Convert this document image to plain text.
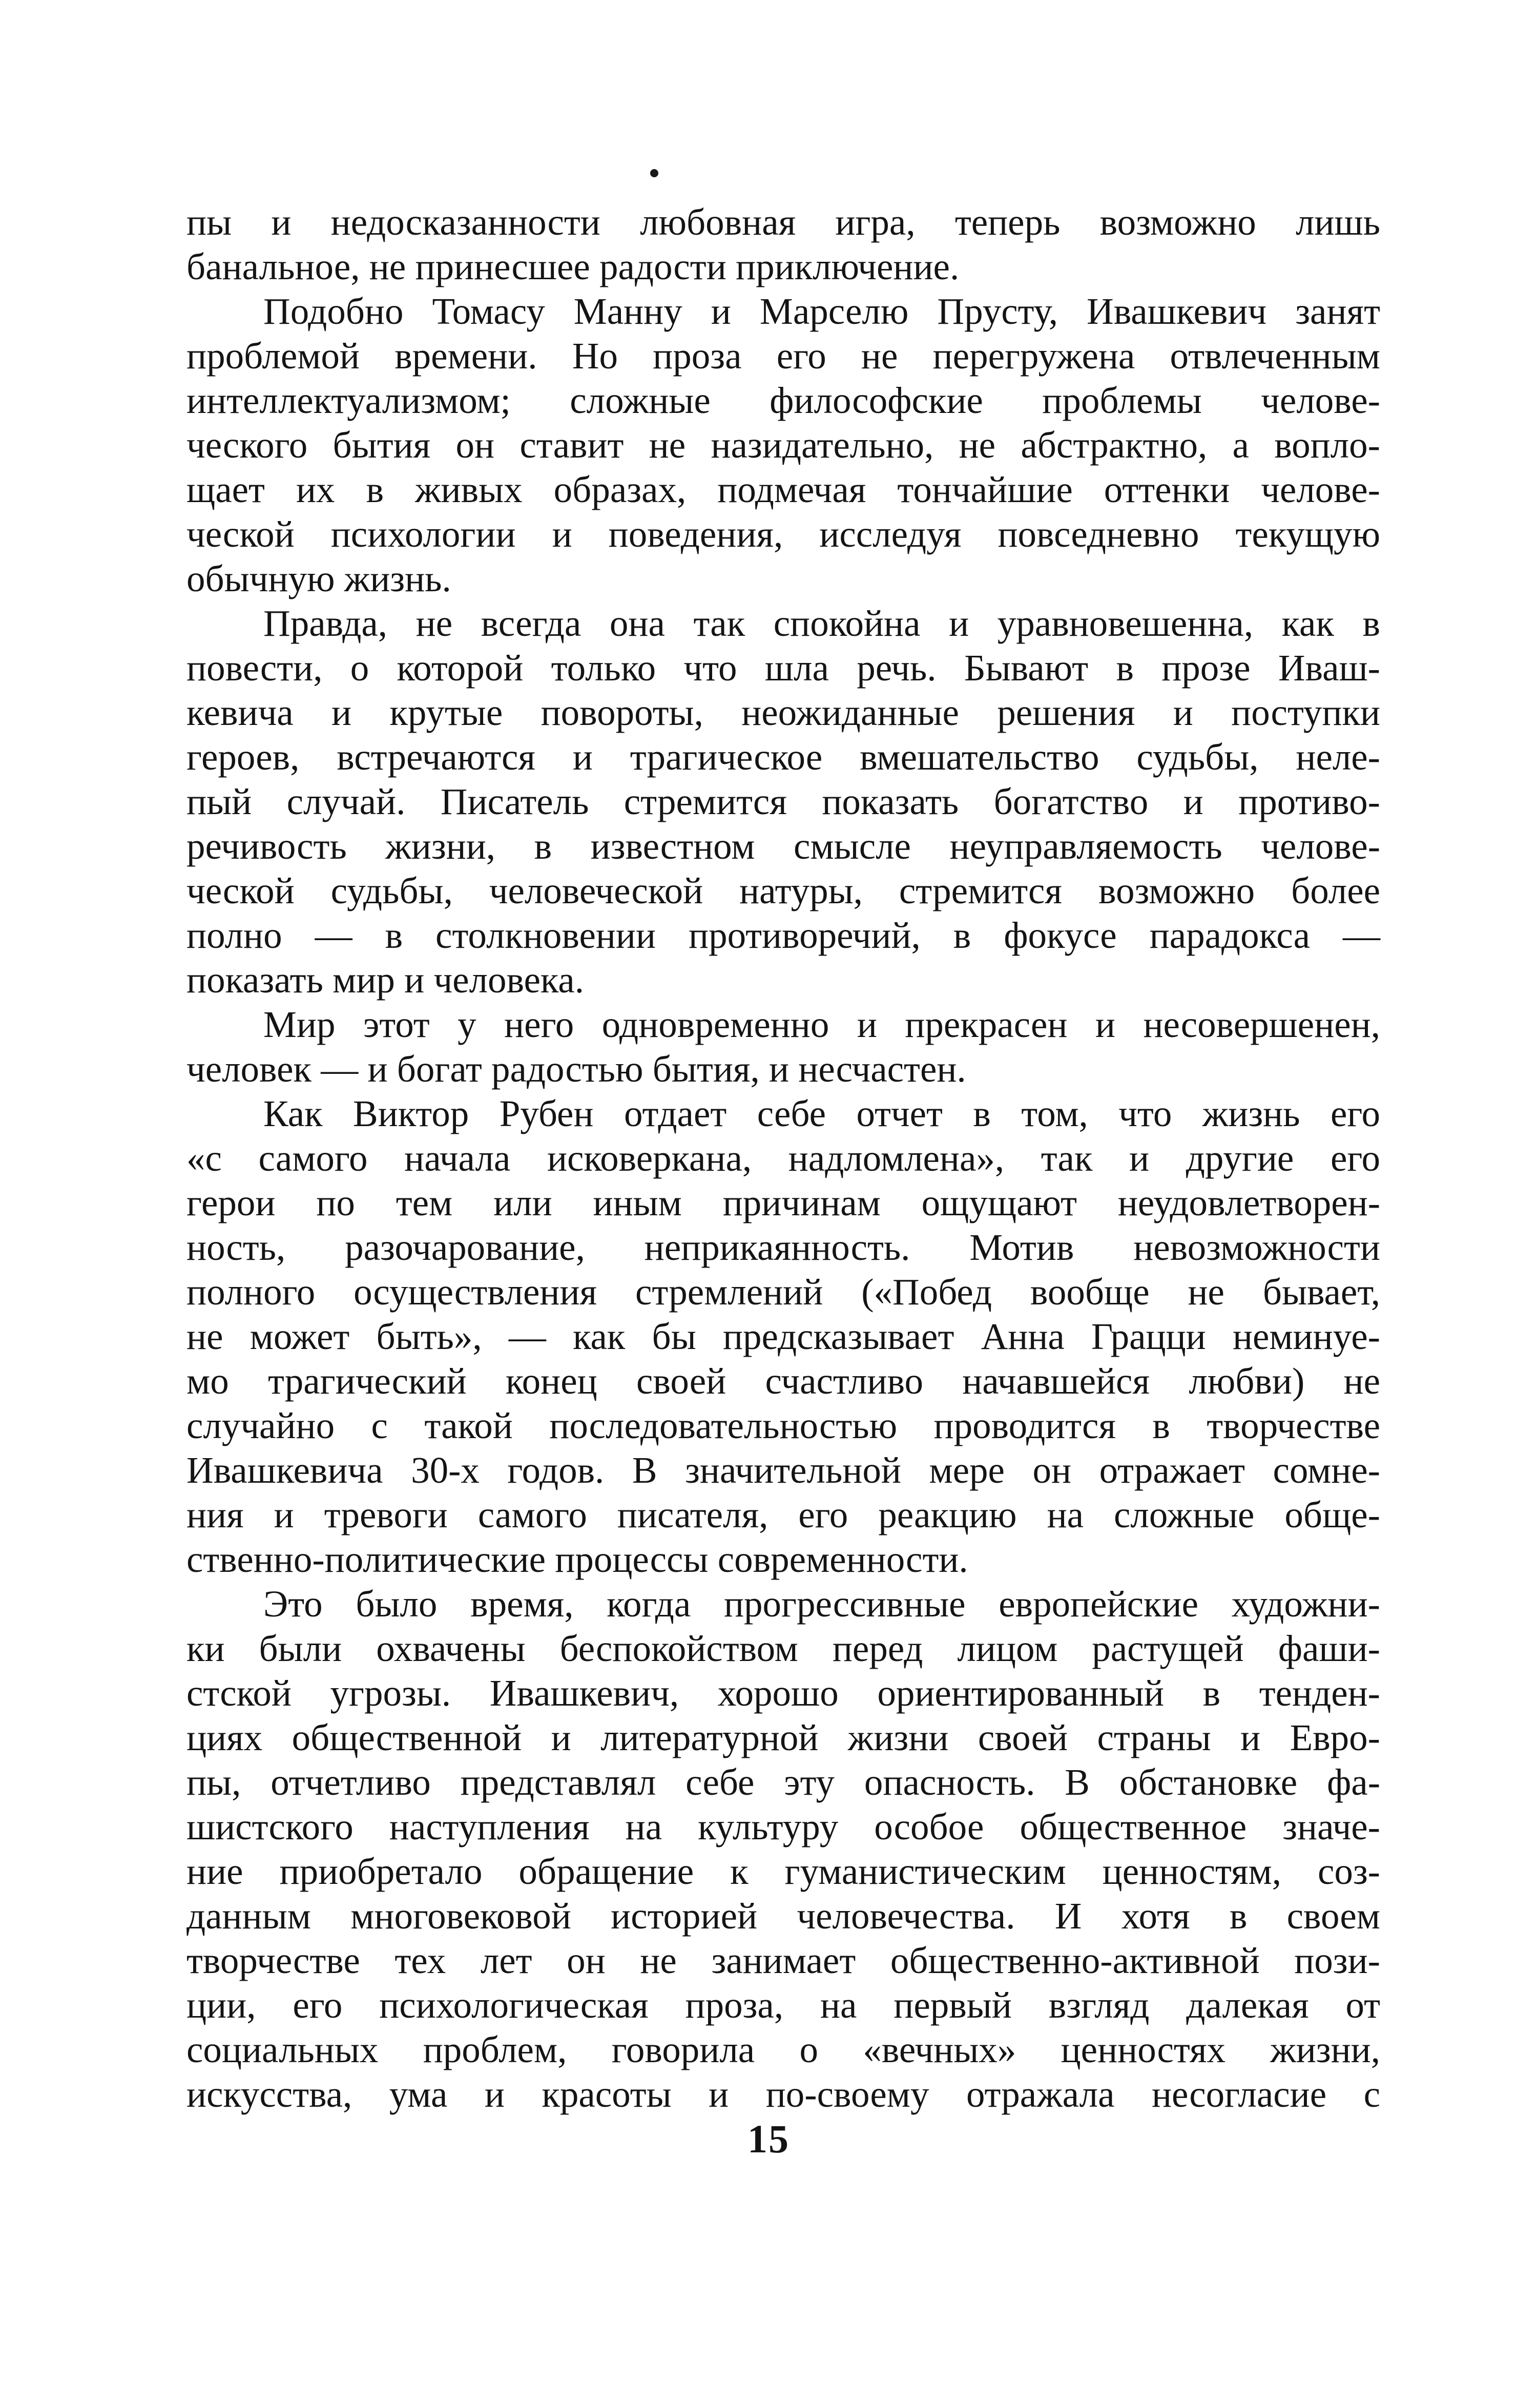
пы и недосказанности любовная игра, теперь возможно лишь
банальное, не принесшее радости приключение.
Подобно Томасу Манну и Марселю Прусту, Ивашкевич занят
проблемой времени. Но проза его не перегружена отвлеченным
интеллектуализмом; сложные философские проблемы челове-
ческого бытия он ставит не назидательно, не абстрактно, а вопло-
щает их в живых образах, подмечая тончайшие оттенки челове-
ческой психологии и поведения, исследуя повседневно текущую
обычную жизнь.
Правда, не всегда она так спокойна и уравновешенна, как в
повести, о которой только что шла речь. Бывают в прозе Иваш-
кевича и крутые повороты, неожиданные решения и поступки
героев, встречаются и трагическое вмешательство судьбы, неле-
пый случай. Писатель стремится показать богатство и противо-
речивость жизни, в известном смысле неуправляемость челове-
ческой судьбы, человеческой натуры, стремится возможно более
полно — в столкновении противоречий, в фокусе парадокса —
показать мир и человека.
Мир этот у него одновременно и прекрасен и несовершенен,
человек — и богат радостью бытия, и несчастен.
Как Виктор Рубен отдает себе отчет в том, что жизнь его
«с самого начала исковеркана, надломлена», так и другие его
герои по тем или иным причинам ощущают неудовлетворен-
ность, разочарование, неприкаянность. Мотив невозможности
полного осуществления стремлений («Побед вообще не бывает,
не может быть», — как бы предсказывает Анна Грацци неминуе-
мо трагический конец своей счастливо начавшейся любви) не
случайно с такой последовательностью проводится в творчестве
Ивашкевича 30-х годов. В значительной мере он отражает сомне-
ния и тревоги самого писателя, его реакцию на сложные обще-
ственно-политические процессы современности.
Это было время, когда прогрессивные европейские художни-
ки были охвачены беспокойством перед лицом растущей фаши-
стской угрозы. Ивашкевич, хорошо ориентированный в тенден-
циях общественной и литературной жизни своей страны и Евро-
пы, отчетливо представлял себе эту опасность. В обстановке фа-
шистского наступления на культуру особое общественное значе-
ние приобретало обращение к гуманистическим ценностям, соз-
данным многовековой историей человечества. И хотя в своем
творчестве тех лет он не занимает общественно-активной пози-
ции, его психологическая проза, на первый взгляд далекая от
социальных проблем, говорила о «вечных» ценностях жизни,
искусства, ума и красоты и по-своему отражала несогласие с
15
